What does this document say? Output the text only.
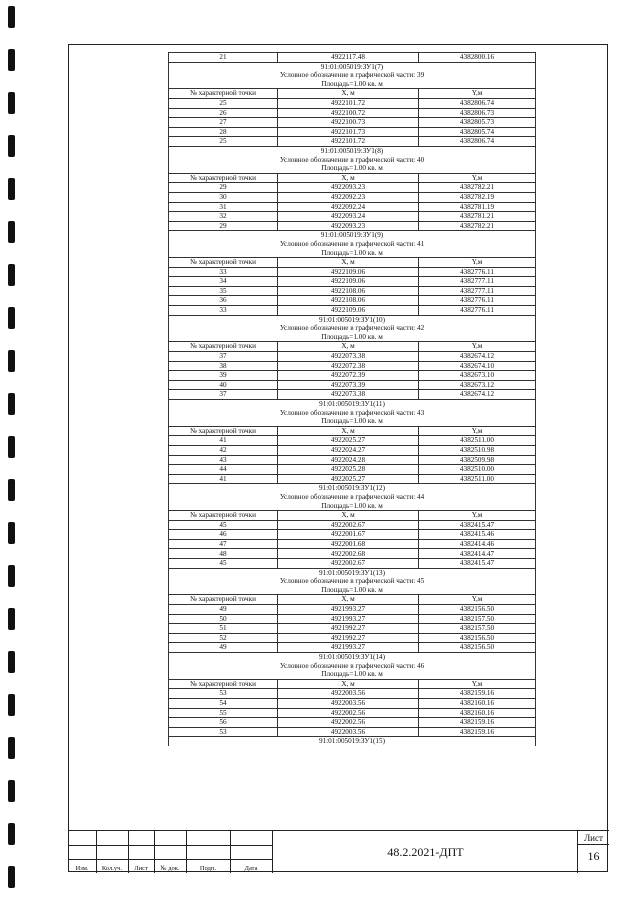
21	4922117.48	4382800.16
91:01:005019:ЗУ1(7)		
Условное обозначение в графической части: 39		
Площадь=1.00 кв. м		
№ характерной точки	X, м	Y,м
25	4922101.72	4382806.74
26	4922100.72	4382806.73
27	4922100.73	4382805.73
28	4922101.73	4382805.74
25	4922101.72	4382806.74
91:01:005019:ЗУ1(8)		
Условное обозначение в графической части: 40		
Площадь=1.00 кв. м		
№ характерной точки	X, м	Y,м
29	4922093.23	4382782.21
30	4922092.23	4382782.19
31	4922092.24	4382781.19
32	4922093.24	4382781.21
29	4922093.23	4382782.21
91:01:005019:ЗУ1(9)		
Условное обозначение в графической части: 41		
Площадь=1.00 кв. м		
№ характерной точки	X, м	Y,м
33	4922109.06	4382776.11
34	4922109.06	4382777.11
35	4922108.06	4382777.11
36	4922108.06	4382776.11
33	4922109.06	4382776.11
91:01:005019:ЗУ1(10)		
Условное обозначение в графической части: 42		
Площадь=1.00 кв. м		
№ характерной точки	X, м	Y,м
37	4922073.38	4382674.12
38	4922072.38	4382674.10
39	4922072.39	4382673.10
40	4922073.39	4382673.12
37	4922073.38	4382674.12
91:01:005019:ЗУ1(11)		
Условное обозначение в графической части: 43		
Площадь=1.00 кв. м		
№ характерной точки	X, м	Y,м
41	4922025.27	4382511.00
42	4922024.27	4382510.98
43	4922024.28	4382509.98
44	4922025.28	4382510.00
41	4922025.27	4382511.00
91:01:005019:ЗУ1(12)		
Условное обозначение в графической части: 44		
Площадь=1.00 кв. м		
№ характерной точки	X, м	Y,м
45	4922002.67	4382415.47
46	4922001.67	4382415.46
47	4922001.68	4382414.46
48	4922002.68	4382414.47
45	4922002.67	4382415.47
91:01:005019:ЗУ1(13)		
Условное обозначение в графической части: 45		
Площадь=1.00 кв. м		
№ характерной точки	X, м	Y,м
49	4921993.27	4382156.50
50	4921993.27	4382157.50
51	4921992.27	4382157.50
52	4921992.27	4382156.50
49	4921993.27	4382156.50
91:01:005019:ЗУ1(14)		
Условное обозначение в графической части: 46		
Площадь=1.00 кв. м		
№ характерной точки	X, м	Y,м
53	4922003.56	4382159.16
54	4922003.56	4382160.16
55	4922002.56	4382160.16
56	4922002.56	4382159.16
53	4922003.56	4382159.16
91:01:005019:ЗУ1(15)		
Изм.	Кол.уч.	Лист	№ док.	Подп.	Дата
48.2.2021-ДПТ
Лист
16
